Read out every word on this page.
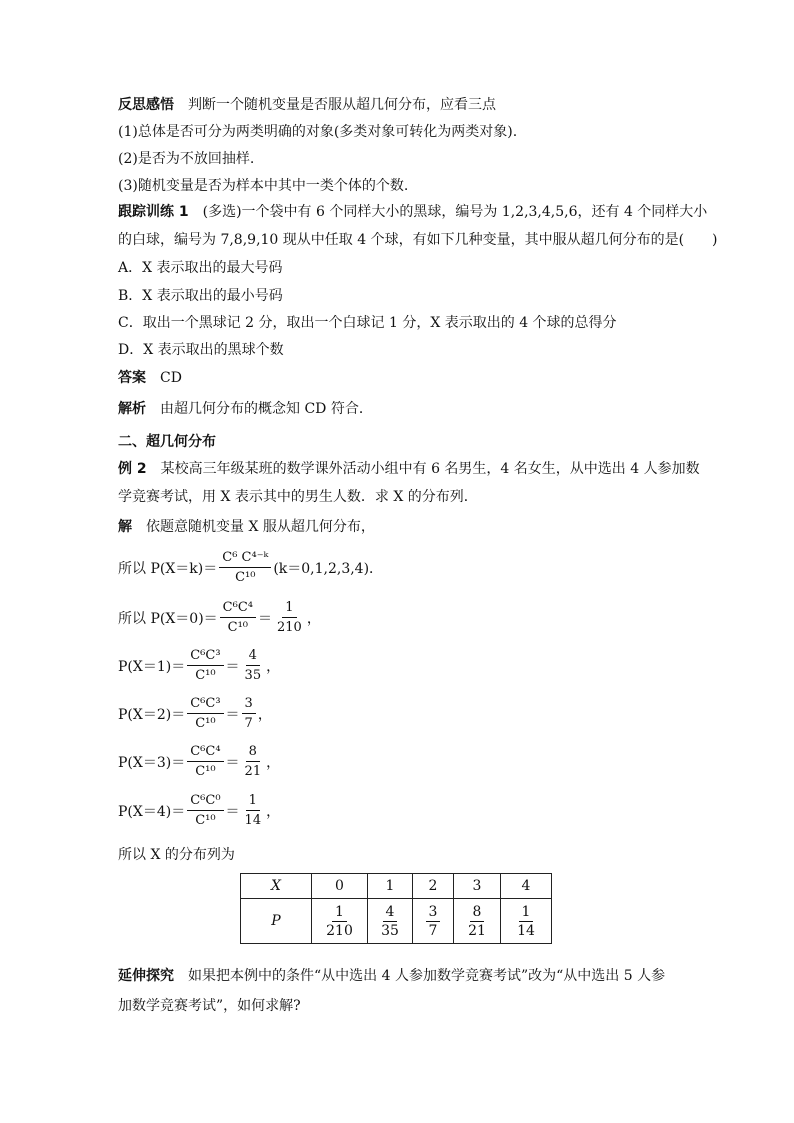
反思感悟 判断一个随机变量是否服从超几何分布，应看三点
(1)总体是否可分为两类明确的对象(多类对象可转化为两类对象).
(2)是否为不放回抽样.
(3)随机变量是否为样本中其中一类个体的个数.
跟踪训练 1 (多选)一个袋中有 6 个同样大小的黑球，编号为 1,2,3,4,5,6，还有 4 个同样大小
的白球，编号为 7,8,9,10 现从中任取 4 个球，有如下几种变量，其中服从超几何分布的是(　　)
A．X 表示取出的最大号码
B．X 表示取出的最小号码
C．取出一个黑球记 2 分，取出一个白球记 1 分，X 表示取出的 4 个球的总得分
D．X 表示取出的黑球个数
答案 CD
解析 由超几何分布的概念知 CD 符合．
二、超几何分布
例 2 某校高三年级某班的数学课外活动小组中有 6 名男生，4 名女生，从中选出 4 人参加数
学竞赛考试，用 X 表示其中的男生人数．求 X 的分布列．
解 依题意随机变量 X 服从超几何分布，
所以 $P(X=k)= \frac{\text{C⁶ C⁴⁻ᵏ}}{\text{C¹⁰}} (k=0,1,2,3,4)$．
所以 $P(X=0)= \frac{\text{C⁶C⁴}}{\text{C¹⁰}} = \frac{1}{210}$ ，
$P(X=1)= \frac{\text{C⁶C³}}{\text{C¹⁰}} = \frac{4}{35}$ ，
$P(X=2)= \frac{\text{C⁶C³}}{\text{C¹⁰}} = \frac{3}{7}$ ，
$P(X=3)= \frac{\text{C⁶C⁴}}{\text{C¹⁰}} = \frac{8}{21}$ ，
$P(X=4)= \frac{\text{C⁶C⁰}}{\text{C¹⁰}} = \frac{1}{14}$ ，
所以 X 的分布列为
X	0	1	2	3	4
P	$\frac{1}{210}$	$\frac{4}{35}$	$\frac{3}{7}$	$\frac{8}{21}$	$\frac{1}{14}$
延伸探究 如果把本例中的条件“从中选出 4 人参加数学竞赛考试”改为“从中选出 5 人参
加数学竞赛考试”，如何求解?
